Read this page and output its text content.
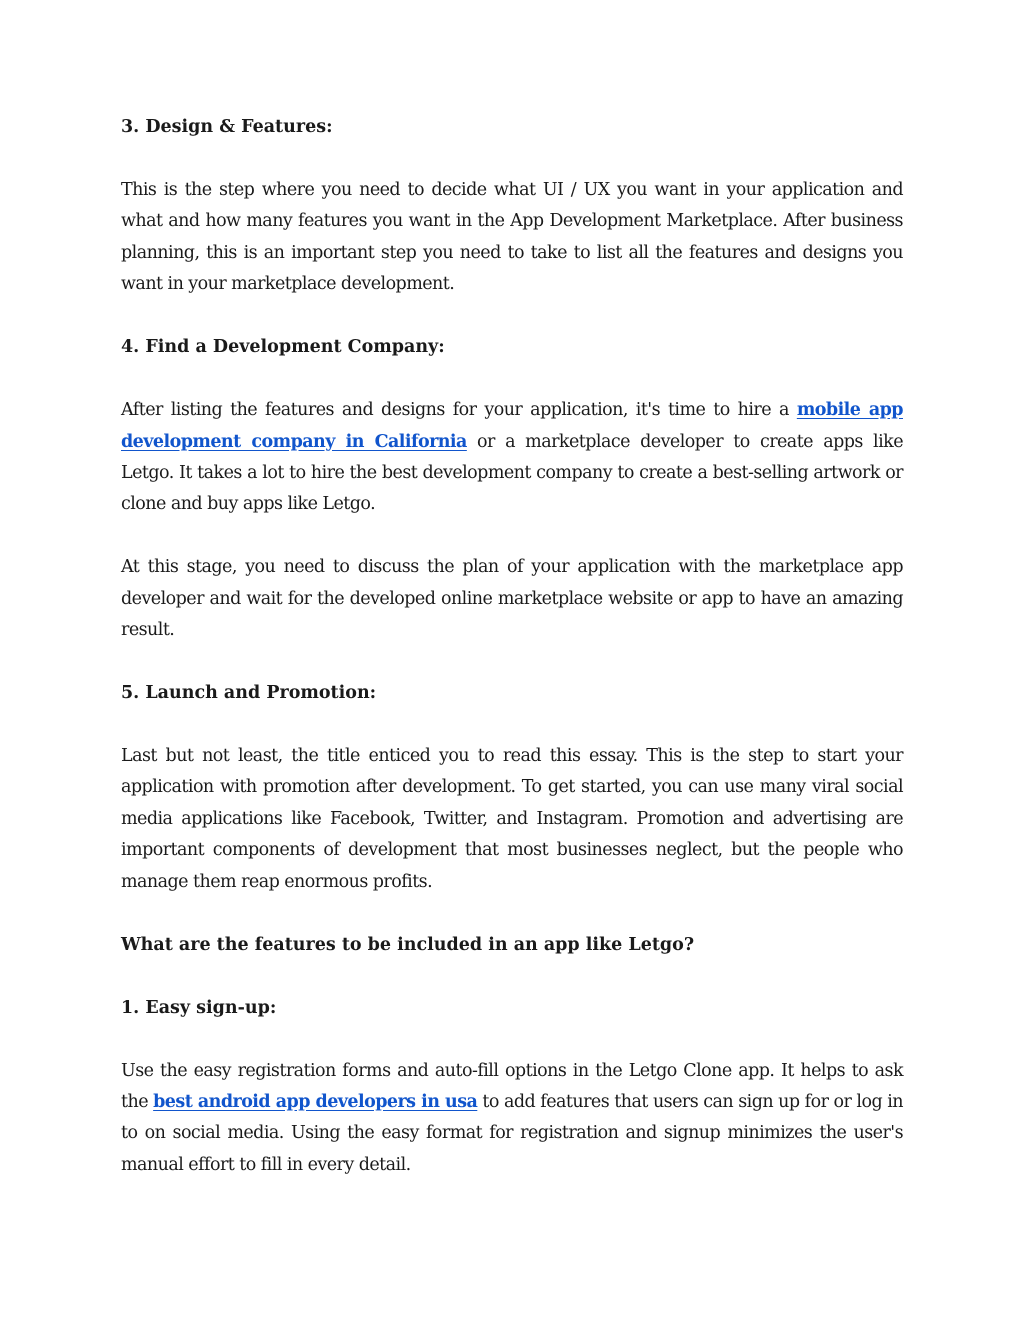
3. Design & Features:

This is the step where you need to decide what UI / UX you want in your application and what and how many features you want in the App Development Marketplace. After business planning, this is an important step you need to take to list all the features and designs you want in your marketplace development.

4. Find a Development Company:

After listing the features and designs for your application, it's time to hire a mobile app development company in California or a marketplace developer to create apps like Letgo. It takes a lot to hire the best development company to create a best-selling artwork or clone and buy apps like Letgo.

At this stage, you need to discuss the plan of your application with the marketplace app developer and wait for the developed online marketplace website or app to have an amazing result.

5. Launch and Promotion:

Last but not least, the title enticed you to read this essay. This is the step to start your application with promotion after development. To get started, you can use many viral social media applications like Facebook, Twitter, and Instagram. Promotion and advertising are important components of development that most businesses neglect, but the people who manage them reap enormous profits.

What are the features to be included in an app like Letgo?

1. Easy sign-up:

Use the easy registration forms and auto-fill options in the Letgo Clone app. It helps to ask the best android app developers in usa to add features that users can sign up for or log in to on social media. Using the easy format for registration and signup minimizes the user's manual effort to fill in every detail.
